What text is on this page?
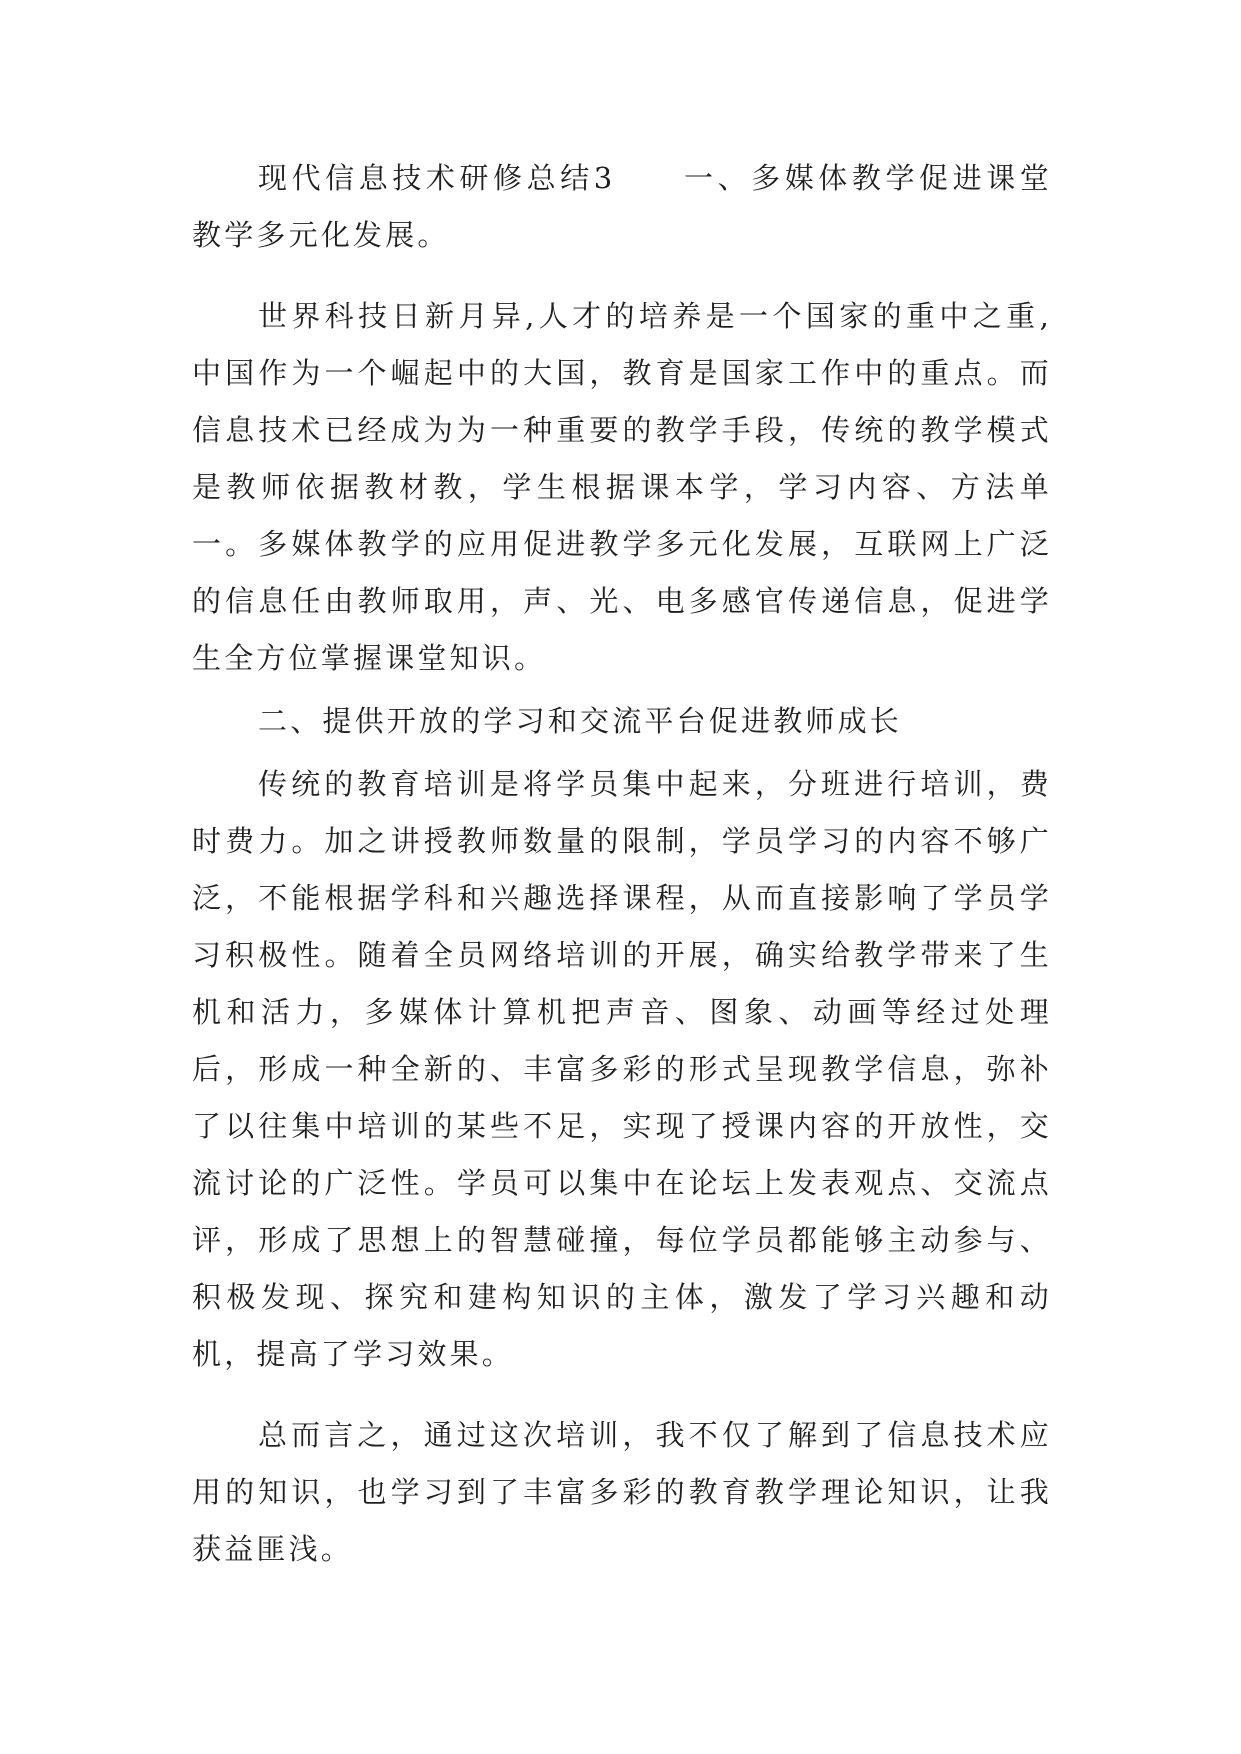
现代信息技术研修总结3　　一、多媒体教学促进课堂教学多元化发展。

世界科技日新月异,人才的培养是一个国家的重中之重,中国作为一个崛起中的大国，教育是国家工作中的重点。而信息技术已经成为为一种重要的教学手段，传统的教学模式是教师依据教材教，学生根据课本学，学习内容、方法单一。多媒体教学的应用促进教学多元化发展，互联网上广泛的信息任由教师取用，声、光、电多感官传递信息，促进学生全方位掌握课堂知识。

二、提供开放的学习和交流平台促进教师成长

传统的教育培训是将学员集中起来，分班进行培训，费时费力。加之讲授教师数量的限制，学员学习的内容不够广泛，不能根据学科和兴趣选择课程，从而直接影响了学员学习积极性。随着全员网络培训的开展，确实给教学带来了生机和活力，多媒体计算机把声音、图象、动画等经过处理后，形成一种全新的、丰富多彩的形式呈现教学信息，弥补了以往集中培训的某些不足，实现了授课内容的开放性，交流讨论的广泛性。学员可以集中在论坛上发表观点、交流点评，形成了思想上的智慧碰撞，每位学员都能够主动参与、积极发现、探究和建构知识的主体，激发了学习兴趣和动机，提高了学习效果。

总而言之，通过这次培训，我不仅了解到了信息技术应用的知识，也学习到了丰富多彩的教育教学理论知识，让我获益匪浅。
